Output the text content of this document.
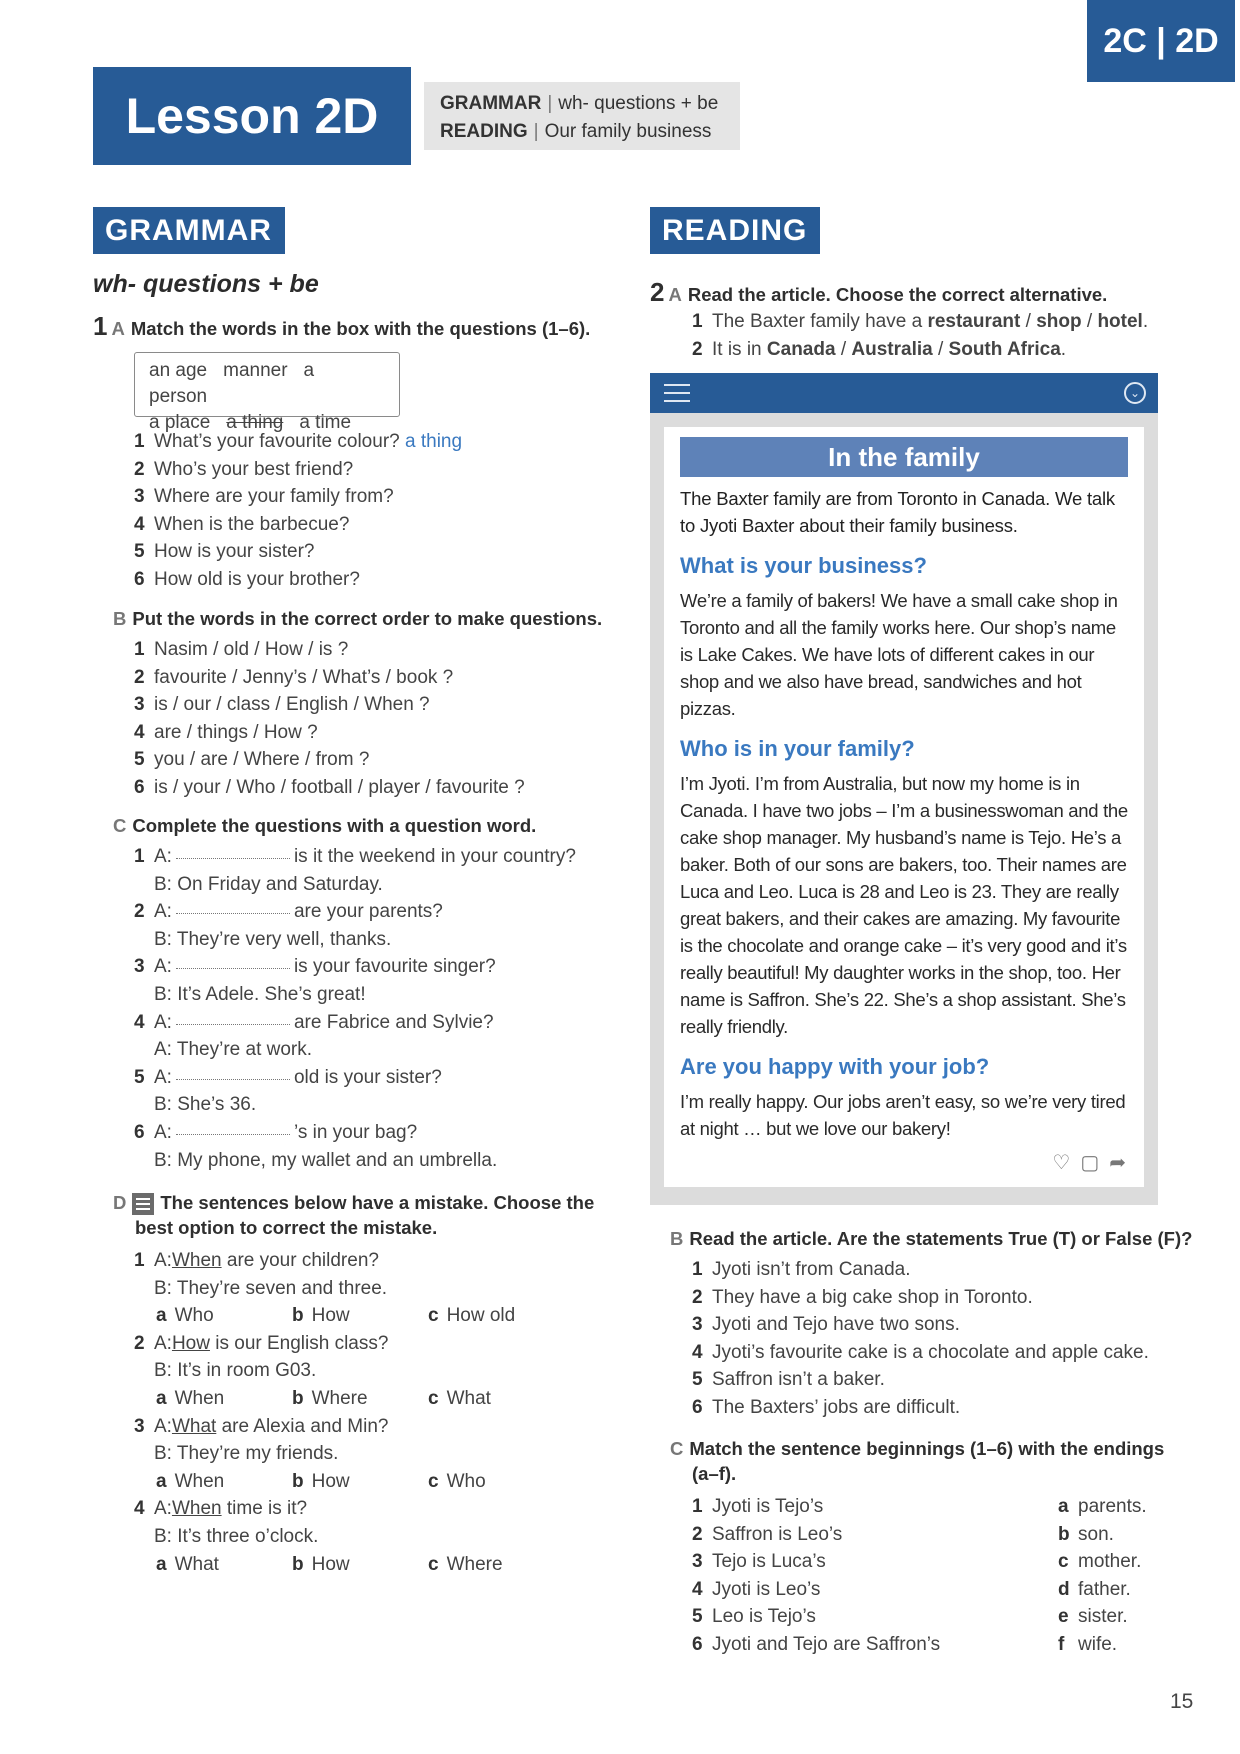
2C | 2D
Lesson 2D	GRAMMAR | wh- questions + be
READING | Our family business
GRAMMAR
wh- questions + be
1 A Match the words in the box with the questions (1–6).
an age manner a person
a place a thing a time
1 What’s your favourite colour?
a thing
2 Who’s your best friend?
3 Where are your family from?
4 When is the barbecue?
5 How is your sister?
6 How old is your brother?
B Put the words in the correct order to make questions.
1 Nasim / old / How / is ?
2 favourite / Jenny’s / What’s / book ?
3 is / our / class / English / When ?
4 are / things / How ?
5 you / are / Where / from ?
6 is / your / Who / football / player / favourite ?
C Complete the questions with a question word.
1 A:	is it the weekend in your country?
B: On Friday and Saturday.
2 A:	are your parents?
B: They’re very well, thanks.
3 A:	is your favourite singer?
B: It’s Adele. She’s great!
4 A:	are Fabrice and Sylvie?
A: They’re at work.
5 A:	old is your sister?
B: She’s 36.
6 A:	’s in your bag?
B: My phone, my wallet and an umbrella.
D The sentences below have a mistake. Choose the
best option to correct the mistake.
1 A: When
are your children?
B: They’re seven and three.
a Who	b How	c How old
2 A: How
is our English class?
B: It’s in room G03.
a When	b Where	c What
3 A: What
are Alexia and Min?
B: They’re my friends.
a When	b How	c Who
4 A: When
time is it?
B: It’s three o’clock.
a What	b How	c Where
READING
2 A Read the article. Choose the correct alternative.
1 The Baxter family have a restaurant / shop / hotel .
2 It is in Canada / Australia / South Africa .
⌄
In the family
The Baxter family are from Toronto in Canada. We talk to Jyoti Baxter about their family business.
What is your business?
We’re a family of bakers! We have a small cake shop in Toronto and all the family works here. Our shop’s name is Lake Cakes. We have lots of different cakes in our shop and we also have bread, sandwiches and hot pizzas.
Who is in your family?
I’m Jyoti. I’m from Australia, but now my home is in Canada. I have two jobs – I’m a businesswoman and the cake shop manager. My husband’s name is Tejo. He’s a baker. Both of our sons are bakers, too. Their names are Luca and Leo. Luca is 28 and Leo is 23. They are really great bakers, and their cakes are amazing. My favourite is the chocolate and orange cake – it’s very good and it’s really beautiful! My daughter works in the shop, too. Her name is Saffron. She’s 22. She’s a shop assistant. She’s really friendly.
Are you happy with your job?
I’m really happy. Our jobs aren’t easy, so we’re very tired at night … but we love our bakery!
♡ ▢ ➦
B Read the article. Are the statements True (T) or False (F)?
1 Jyoti isn’t from Canada.
2 They have a big cake shop in Toronto.
3 Jyoti and Tejo have two sons.
4 Jyoti’s favourite cake is a chocolate and apple cake.
5 Saffron isn’t a baker.
6 The Baxters’ jobs are difficult.
C Match the sentence beginnings (1–6) with the endings
(a–f).
1 Jyoti is Tejo’s	a parents.
2 Saffron is Leo’s	b son.
3 Tejo is Luca’s	c mother.
4 Jyoti is Leo’s	d father.
5 Leo is Tejo’s	e sister.
6 Jyoti and Tejo are Saffron’s	f wife.
15
